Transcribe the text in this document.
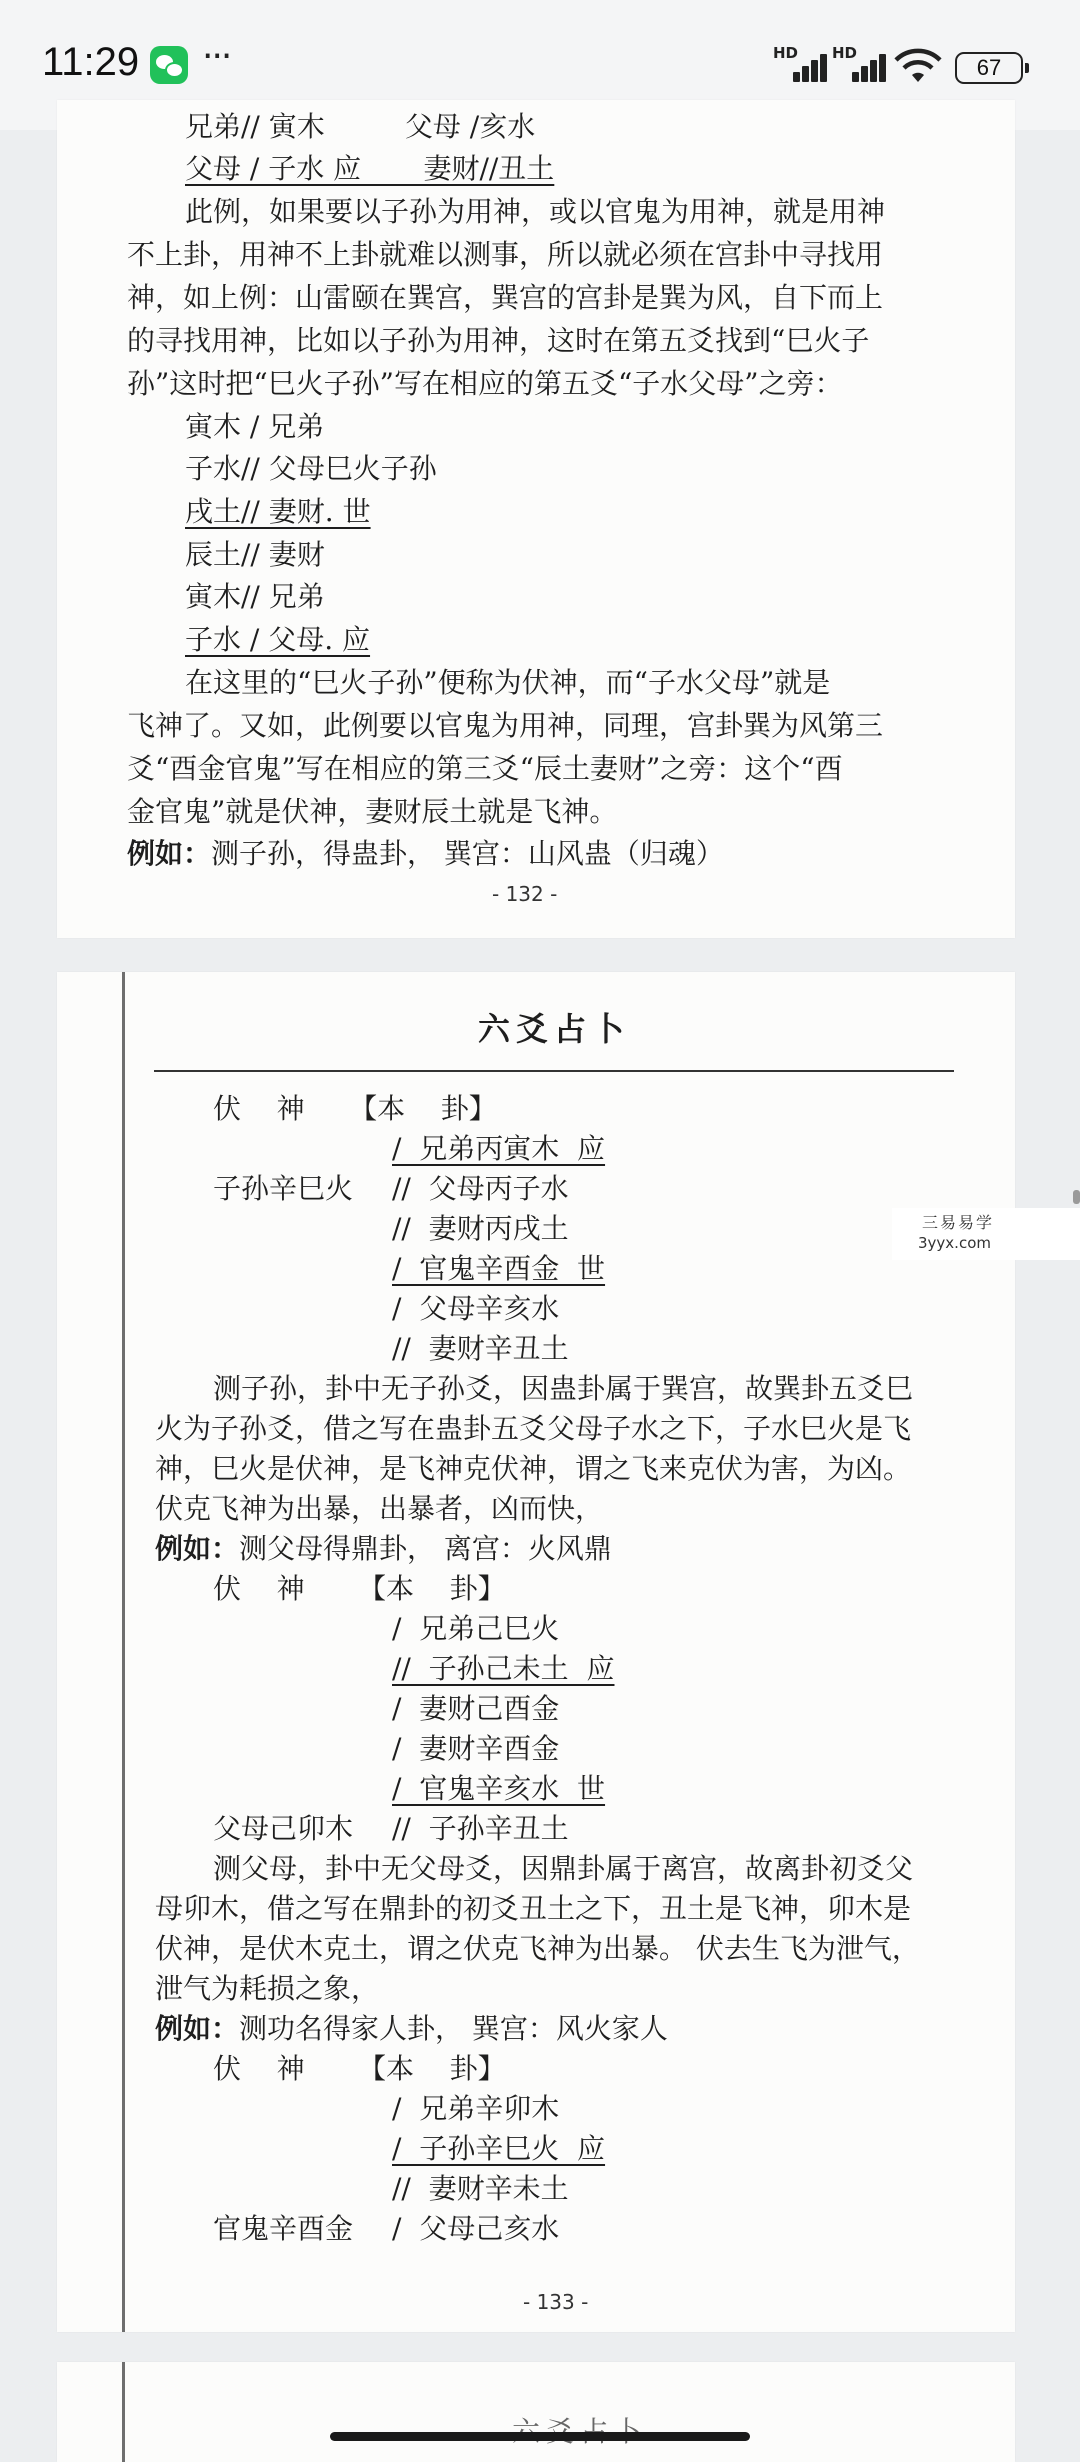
11:29 ···	HD HD
67
兄弟// 寅木         父母 /亥水
父母 / 子水 应       妻财//丑土
此例，如果要以子孙为用神，或以官鬼为用神，就是用神
不上卦，用神不上卦就难以测事，所以就必须在宫卦中寻找用
神，如上例：山雷颐在巽宫，巽宫的宫卦是巽为风，自下而上
的寻找用神，比如以子孙为用神，这时在第五爻找到“巳火子
孙”这时把“巳火子孙”写在相应的第五爻“子水父母”之旁：
寅木 / 兄弟
子水// 父母巳火子孙
戌土// 妻财. 世
辰土// 妻财
寅木// 兄弟
子水 / 父母. 应
在这里的“巳火子孙”便称为伏神，而“子水父母”就是
飞神了。又如，此例要以官鬼为用神，同理，宫卦巽为风第三
爻“酉金官鬼”写在相应的第三爻“辰土妻财”之旁：这个“酉
金官鬼”就是伏神，妻财辰土就是飞神。
例如：测子孙，得蛊卦， 巽宫：山风蛊（归魂）
- 132 -
六爻占卜
伏    神     【本    卦】
/  兄弟丙寅木  应
子孙辛巳火 //  父母丙子水
//  妻财丙戌土
/  官鬼辛酉金  世
/  父母辛亥水
//  妻财辛丑土
测子孙，卦中无子孙爻，因蛊卦属于巽宫，故巽卦五爻巳
火为子孙爻，借之写在蛊卦五爻父母子水之下，子水巳火是飞
神，巳火是伏神，是飞神克伏神，谓之飞来克伏为害，为凶。
伏克飞神为出暴，出暴者，凶而快，
例如：测父母得鼎卦， 离宫：火风鼎
伏    神      【本    卦】
/  兄弟己巳火
//  子孙己未土  应
/  妻财己酉金
/  妻财辛酉金
/  官鬼辛亥水  世
父母己卯木 //  子孙辛丑土
测父母，卦中无父母爻，因鼎卦属于离宫，故离卦初爻父
母卯木，借之写在鼎卦的初爻丑土之下，丑土是飞神，卯木是
伏神，是伏木克土，谓之伏克飞神为出暴。 伏去生飞为泄气，
泄气为耗损之象，
例如：测功名得家人卦， 巽宫：风火家人
伏    神      【本    卦】
/  兄弟辛卯木
/  子孙辛巳火  应
//  妻财辛未土
官鬼辛酉金 /  父母己亥水
- 133 -
三易易学
3yyx.com
